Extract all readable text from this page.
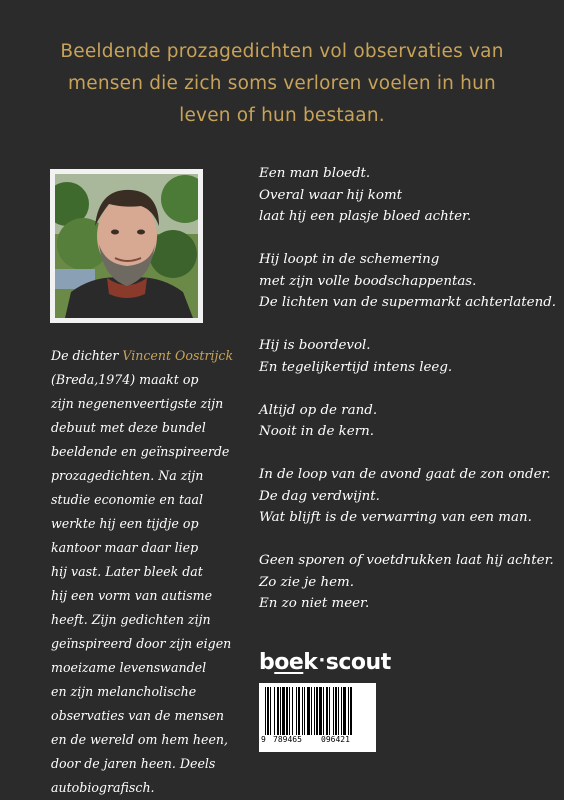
Beeldende prozagedichten vol observaties van
mensen die zich soms verloren voelen in hun
leven of hun bestaan.
De dichter Vincent Oostrijck
(Breda,1974) maakt op
zijn negenenveertigste zijn
debuut met deze bundel
beeldende en geïnspireerde
prozagedichten. Na zijn
studie economie en taal
werkte hij een tijdje op
kantoor maar daar liep
hij vast. Later bleek dat
hij een vorm van autisme
heeft. Zijn gedichten zijn
geïnspireerd door zijn eigen
moeizame levenswandel
en zijn melancholische
observaties van de mensen
en de wereld om hem heen,
door de jaren heen. Deels
autobiografisch.
Een man bloedt.
Overal waar hij komt
laat hij een plasje bloed achter.
Hij loopt in de schemering
met zijn volle boodschappentas.
De lichten van de supermarkt achterlatend.
Hij is boordevol.
En tegelijkertijd intens leeg.
Altijd op de rand.
Nooit in de kern.
In de loop van de avond gaat de zon onder.
De dag verdwijnt.
Wat blijft is de verwarring van een man.
Geen sporen of voetdrukken laat hij achter.
Zo zie je hem.
En zo niet meer.
boek·scout
9 789465 096421
